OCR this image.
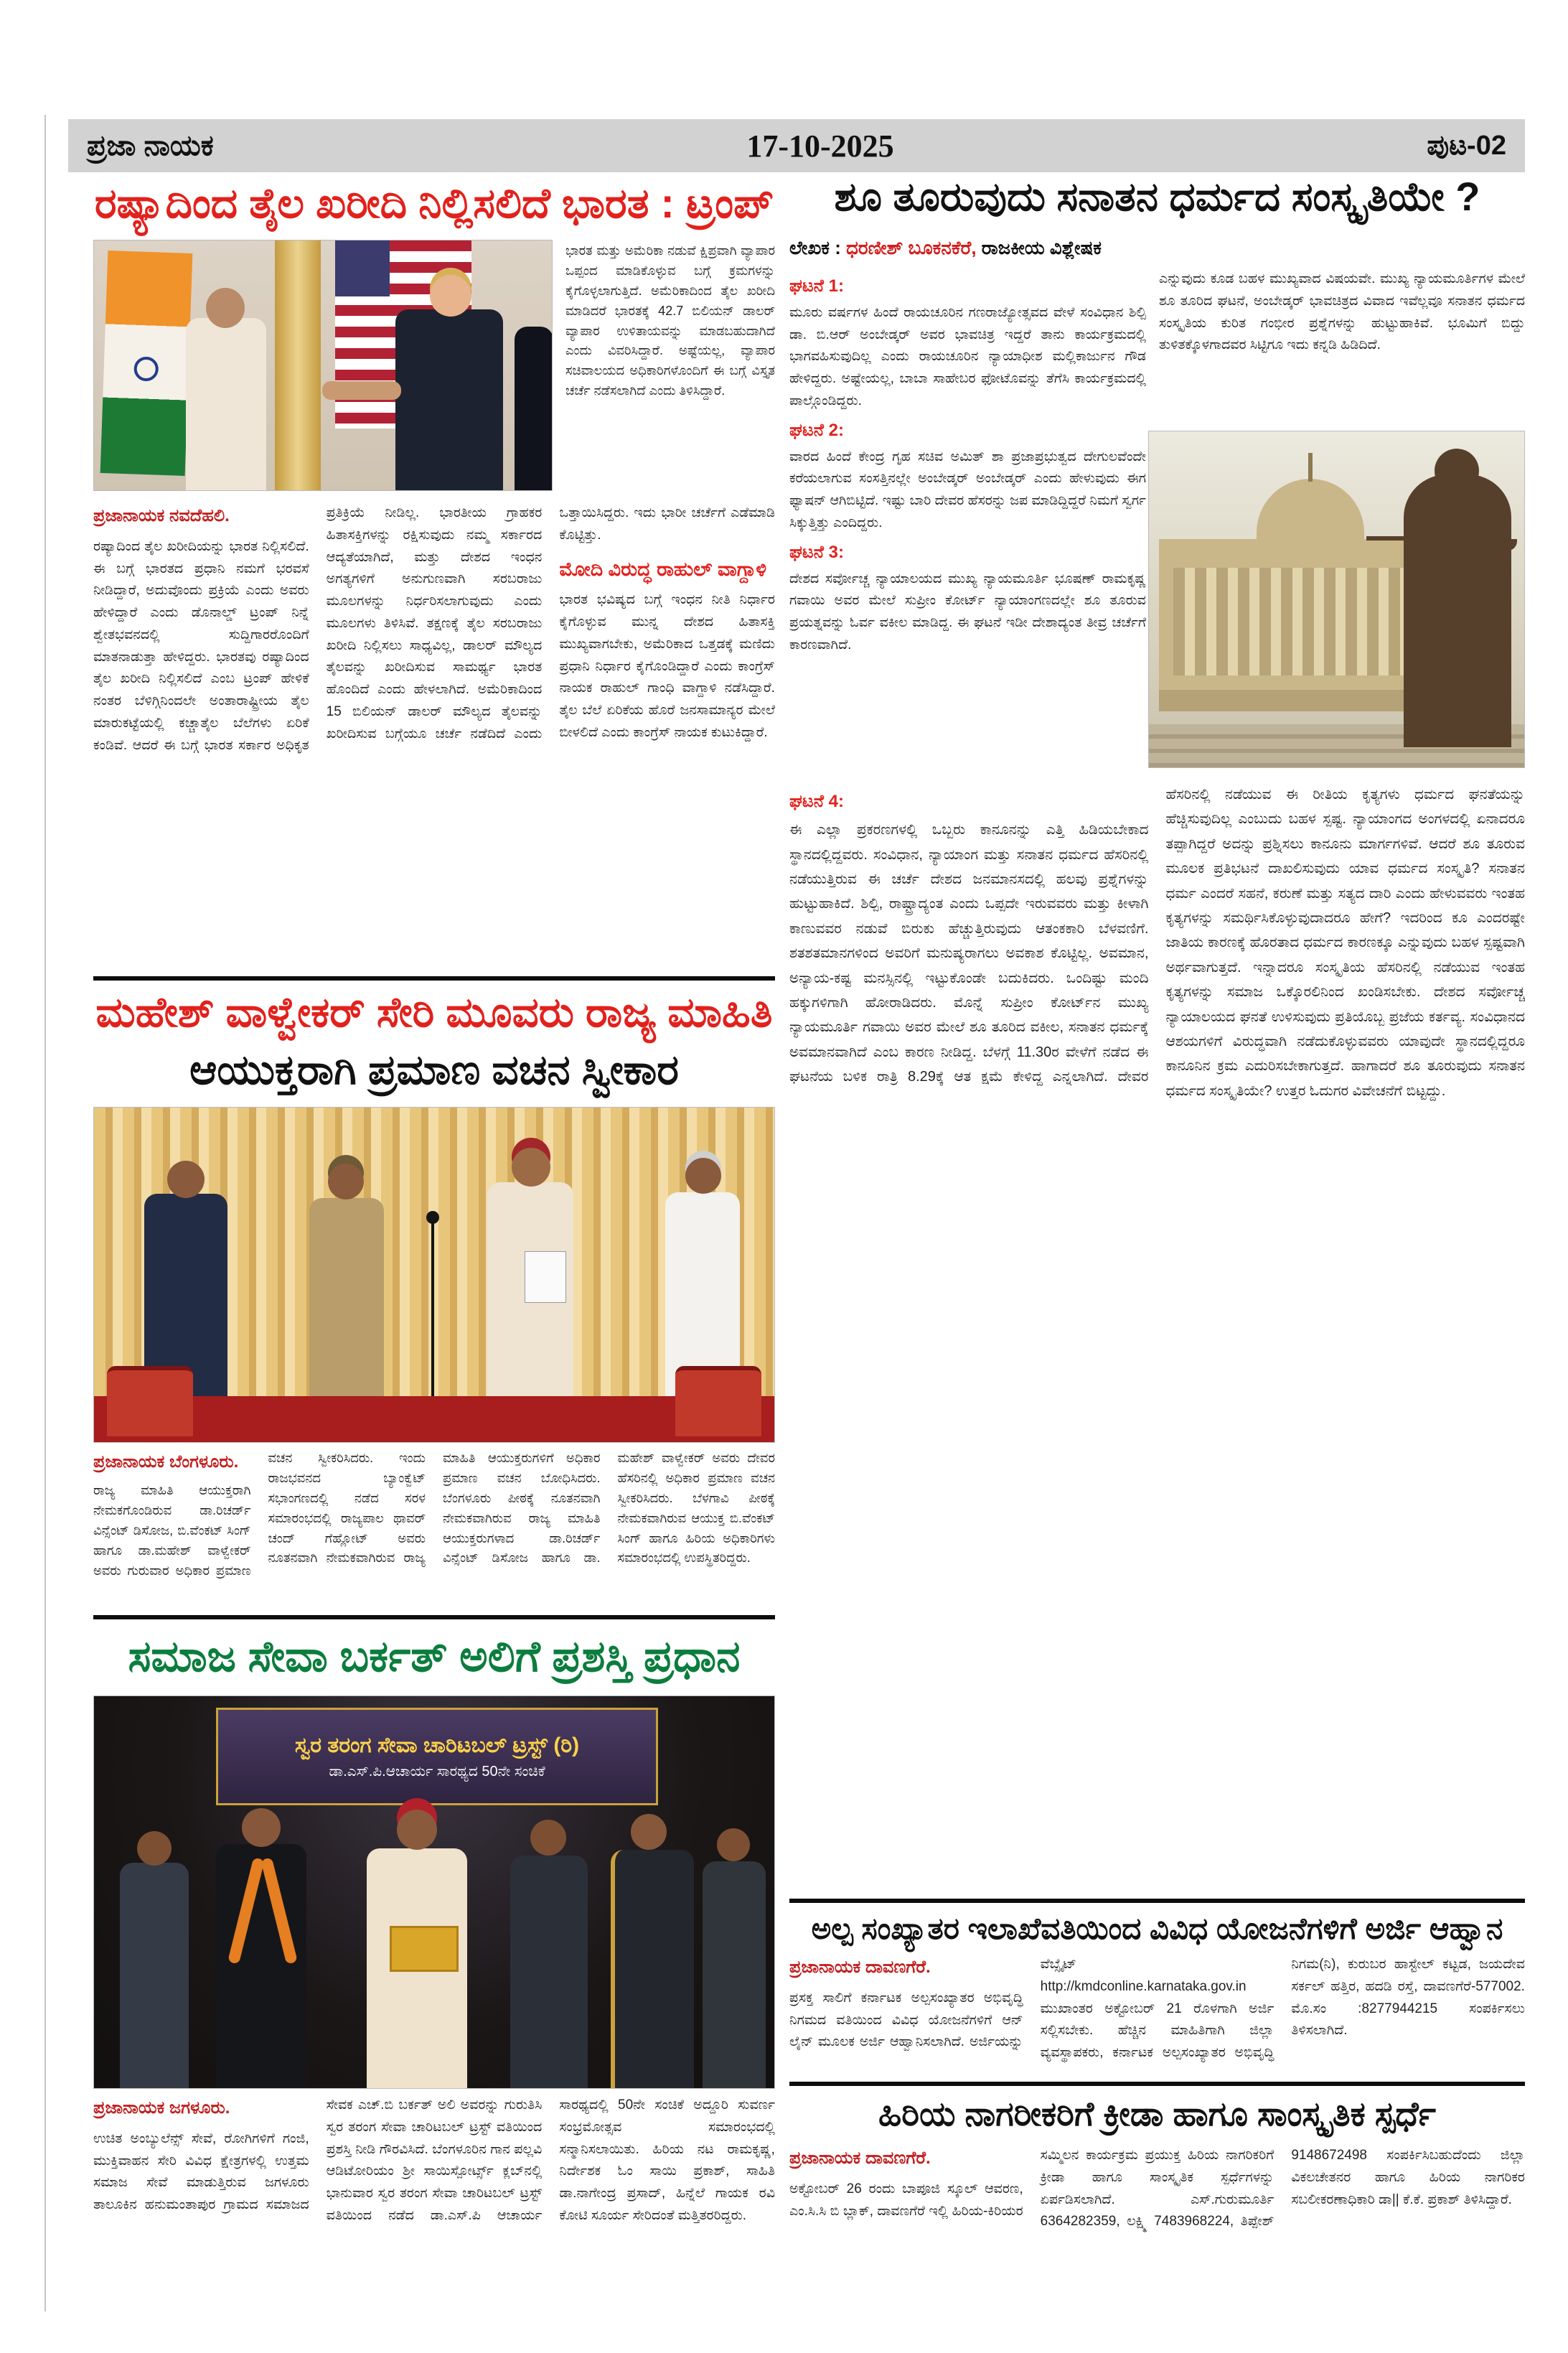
ಪ್ರಜಾ ನಾಯಕ	17-10-2025	ಪುಟ-02
ರಷ್ಯಾದಿಂದ ತೈಲ ಖರೀದಿ ನಿಲ್ಲಿಸಲಿದೆ ಭಾರತ : ಟ್ರಂಪ್
ಭಾರತ ಮತ್ತು ಅಮೆರಿಕಾ ನಡುವೆ ಕ್ಷಿಪ್ರವಾಗಿ ವ್ಯಾಪಾರ ಒಪ್ಪಂದ ಮಾಡಿಕೊಳ್ಳುವ ಬಗ್ಗೆ ಕ್ರಮಗಳನ್ನು ಕೈಗೊಳ್ಳಲಾಗುತ್ತಿದೆ. ಅಮೆರಿಕಾದಿಂದ ತೈಲ ಖರೀದಿ ಮಾಡಿದರೆ ಭಾರತಕ್ಕೆ 42.7 ಬಿಲಿಯನ್ ಡಾಲರ್ ವ್ಯಾಪಾರ ಉಳಿತಾಯವನ್ನು ಮಾಡಬಹುದಾಗಿದೆ ಎಂದು ವಿವರಿಸಿದ್ದಾರೆ. ಅಷ್ಟೆಯಲ್ಲ, ವ್ಯಾಪಾರ ಸಚಿವಾಲಯದ ಅಧಿಕಾರಿಗಳೊಂದಿಗೆ ಈ ಬಗ್ಗೆ ವಿಸ್ತೃತ ಚರ್ಚೆ ನಡೆಸಲಾಗಿದೆ ಎಂದು ತಿಳಿಸಿದ್ದಾರೆ.
ಪ್ರಜಾನಾಯಕ ನವದೆಹಲಿ.
ರಷ್ಯಾದಿಂದ ತೈಲ ಖರೀದಿಯನ್ನು ಭಾರತ ನಿಲ್ಲಿಸಲಿದೆ. ಈ ಬಗ್ಗೆ ಭಾರತದ ಪ್ರಧಾನಿ ನಮಗೆ ಭರವಸೆ ನೀಡಿದ್ದಾರೆ, ಅದುವೊಂದು ಪ್ರಕ್ರಿಯೆ ಎಂದು ಅವರು ಹೇಳಿದ್ದಾರೆ ಎಂದು ಡೊನಾಲ್ಡ್ ಟ್ರಂಪ್ ನಿನ್ನೆ ಶ್ವೇತಭವನದಲ್ಲಿ ಸುದ್ದಿಗಾರರೊಂದಿಗೆ ಮಾತನಾಡುತ್ತಾ ಹೇಳಿದ್ದರು. ಭಾರತವು ರಷ್ಯಾದಿಂದ ತೈಲ ಖರೀದಿ ನಿಲ್ಲಿಸಲಿದೆ ಎಂಬ ಟ್ರಂಪ್ ಹೇಳಿಕೆ ನಂತರ ಬೆಳಿಗ್ಗಿನಿಂದಲೇ ಅಂತಾರಾಷ್ಟ್ರೀಯ ತೈಲ ಮಾರುಕಟ್ಟೆಯಲ್ಲಿ ಕಚ್ಚಾತೈಲ ಬೆಲೆಗಳು ಏರಿಕೆ ಕಂಡಿವೆ. ಆದರೆ ಈ ಬಗ್ಗೆ ಭಾರತ ಸರ್ಕಾರ ಅಧಿಕೃತ ಪ್ರತಿಕ್ರಿಯೆ ನೀಡಿಲ್ಲ. ಭಾರತೀಯ ಗ್ರಾಹಕರ ಹಿತಾಸಕ್ತಿಗಳನ್ನು ರಕ್ಷಿಸುವುದು ನಮ್ಮ ಸರ್ಕಾರದ ಆದ್ಯತೆಯಾಗಿದೆ, ಮತ್ತು ದೇಶದ ಇಂಧನ ಅಗತ್ಯಗಳಿಗೆ ಅನುಗುಣವಾಗಿ ಸರಬರಾಜು ಮೂಲಗಳನ್ನು ನಿರ್ಧರಿಸಲಾಗುವುದು ಎಂದು ಮೂಲಗಳು ತಿಳಿಸಿವೆ. ತಕ್ಷಣಕ್ಕೆ ತೈಲ ಸರಬರಾಜು ಖರೀದಿ ನಿಲ್ಲಿಸಲು ಸಾಧ್ಯವಿಲ್ಲ, ಡಾಲರ್ ಮೌಲ್ಯದ ತೈಲವನ್ನು ಖರೀದಿಸುವ ಸಾಮರ್ಥ್ಯ ಭಾರತ ಹೊಂದಿದೆ ಎಂದು ಹೇಳಲಾಗಿದೆ. ಅಮೆರಿಕಾದಿಂದ 15 ಬಿಲಿಯನ್ ಡಾಲರ್ ಮೌಲ್ಯದ ತೈಲವನ್ನು ಖರೀದಿಸುವ ಬಗ್ಗೆಯೂ ಚರ್ಚೆ ನಡೆದಿದೆ ಎಂದು ಒತ್ತಾಯಿಸಿದ್ದರು. ಇದು ಭಾರೀ ಚರ್ಚೆಗೆ ಎಡೆಮಾಡಿ ಕೊಟ್ಟಿತ್ತು.
ಮೋದಿ ವಿರುದ್ಧ ರಾಹುಲ್ ವಾಗ್ದಾಳಿ
ಭಾರತ ಭವಿಷ್ಯದ ಬಗ್ಗೆ ಇಂಧನ ನೀತಿ ನಿರ್ಧಾರ ಕೈಗೊಳ್ಳುವ ಮುನ್ನ ದೇಶದ ಹಿತಾಸಕ್ತಿ ಮುಖ್ಯವಾಗಬೇಕು, ಅಮೆರಿಕಾದ ಒತ್ತಡಕ್ಕೆ ಮಣಿದು ಪ್ರಧಾನಿ ನಿರ್ಧಾರ ಕೈಗೊಂಡಿದ್ದಾರೆ ಎಂದು ಕಾಂಗ್ರೆಸ್ ನಾಯಕ ರಾಹುಲ್ ಗಾಂಧಿ ವಾಗ್ದಾಳಿ ನಡೆಸಿದ್ದಾರೆ. ತೈಲ ಬೆಲೆ ಏರಿಕೆಯ ಹೊರೆ ಜನಸಾಮಾನ್ಯರ ಮೇಲೆ ಬೀಳಲಿದೆ ಎಂದು ಕಾಂಗ್ರೆಸ್ ನಾಯಕ ಕುಟುಕಿದ್ದಾರೆ.
ಮಹೇಶ್ ವಾಳ್ವೇಕರ್ ಸೇರಿ ಮೂವರು ರಾಜ್ಯ ಮಾಹಿತಿ
ಆಯುಕ್ತರಾಗಿ ಪ್ರಮಾಣ ವಚನ ಸ್ವೀಕಾರ
ಪ್ರಜಾನಾಯಕ ಬೆಂಗಳೂರು.
ರಾಜ್ಯ ಮಾಹಿತಿ ಆಯುಕ್ತರಾಗಿ ನೇಮಕಗೊಂಡಿರುವ ಡಾ.ರಿಚರ್ಡ್ ವಿನ್ಸೆಂಟ್ ಡಿಸೋಜ, ಬಿ.ವೆಂಕಟ್ ಸಿಂಗ್ ಹಾಗೂ ಡಾ.ಮಹೇಶ್ ವಾಳ್ವೇಕರ್ ಅವರು ಗುರುವಾರ ಅಧಿಕಾರ ಪ್ರಮಾಣ ವಚನ ಸ್ವೀಕರಿಸಿದರು. ಇಂದು ರಾಜಭವನದ ಬ್ಯಾಂಕ್ವೆಟ್ ಸಭಾಂಗಣದಲ್ಲಿ ನಡೆದ ಸರಳ ಸಮಾರಂಭದಲ್ಲಿ ರಾಜ್ಯಪಾಲ ಥಾವರ್ ಚಂದ್ ಗೆಹ್ಲೋಟ್ ಅವರು ನೂತನವಾಗಿ ನೇಮಕವಾಗಿರುವ ರಾಜ್ಯ ಮಾಹಿತಿ ಆಯುಕ್ತರುಗಳಿಗೆ ಅಧಿಕಾರ ಪ್ರಮಾಣ ವಚನ ಬೋಧಿಸಿದರು. ಬೆಂಗಳೂರು ಪೀಠಕ್ಕೆ ನೂತನವಾಗಿ ನೇಮಕವಾಗಿರುವ ರಾಜ್ಯ ಮಾಹಿತಿ ಆಯುಕ್ತರುಗಳಾದ ಡಾ.ರಿಚರ್ಡ್ ವಿನ್ಸೆಂಟ್ ಡಿಸೋಜ ಹಾಗೂ ಡಾ. ಮಹೇಶ್ ವಾಳ್ವೇಕರ್ ಅವರು ದೇವರ ಹೆಸರಿನಲ್ಲಿ ಅಧಿಕಾರ ಪ್ರಮಾಣ ವಚನ ಸ್ವೀಕರಿಸಿದರು. ಬೆಳಗಾವಿ ಪೀಠಕ್ಕೆ ನೇಮಕವಾಗಿರುವ ಆಯುಕ್ತ ಬಿ.ವೆಂಕಟ್ ಸಿಂಗ್ ಹಾಗೂ ಹಿರಿಯ ಅಧಿಕಾರಿಗಳು ಸಮಾರಂಭದಲ್ಲಿ ಉಪಸ್ಥಿತರಿದ್ದರು.
ಸಮಾಜ ಸೇವಾ ಬರ್ಕತ್ ಅಲಿಗೆ ಪ್ರಶಸ್ತಿ ಪ್ರಧಾನ
ಸ್ವರ ತರಂಗ ಸೇವಾ ಚಾರಿಟಬಲ್ ಟ್ರಸ್ಟ್ (ರಿ)
ಡಾ.ಎಸ್.ಪಿ.ಆಚಾರ್ಯ ಸಾರಥ್ಯದ 50ನೇ ಸಂಚಿಕೆ
ಪ್ರಜಾನಾಯಕ ಜಗಳೂರು.
ಉಚಿತ ಅಂಬ್ಯುಲೆನ್ಸ್ ಸೇವೆ, ರೋಗಿಗಳಿಗೆ ಗಂಜಿ, ಮುಕ್ತಿವಾಹನ ಸೇರಿ ವಿವಿಧ ಕ್ಷೇತ್ರಗಳಲ್ಲಿ ಉತ್ತಮ ಸಮಾಜ ಸೇವೆ ಮಾಡುತ್ತಿರುವ ಜಗಳೂರು ತಾಲೂಕಿನ ಹನುಮಂತಾಪುರ ಗ್ರಾಮದ ಸಮಾಜದ ಸೇವಕ ಎಚ್.ಬಿ ಬರ್ಕತ್ ಅಲಿ ಅವರನ್ನು ಗುರುತಿಸಿ ಸ್ವರ ತರಂಗ ಸೇವಾ ಚಾರಿಟಬಲ್ ಟ್ರಸ್ಟ್ ವತಿಯಿಂದ ಪ್ರಶಸ್ತಿ ನೀಡಿ ಗೌರವಿಸಿದೆ. ಬೆಂಗಳೂರಿನ ಗಾನ ಪಲ್ಲವಿ ಆಡಿಟೋರಿಯಂ ಶ್ರೀ ಸಾಯಿಸ್ಪೋರ್ಟ್ಸ್ ಕ್ಲಬ್‌ನಲ್ಲಿ ಭಾನುವಾರ ಸ್ವರ ತರಂಗ ಸೇವಾ ಚಾರಿಟಬಲ್ ಟ್ರಸ್ಟ್ ವತಿಯಿಂದ ನಡೆದ ಡಾ.ಎಸ್.ಪಿ ಆಚಾರ್ಯ ಸಾರಥ್ಯದಲ್ಲಿ 50ನೇ ಸಂಚಿಕೆ ಅದ್ದೂರಿ ಸುವರ್ಣ ಸಂಭ್ರಮೋತ್ಸವ ಸಮಾರಂಭದಲ್ಲಿ ಸನ್ಮಾನಿಸಲಾಯಿತು. ಹಿರಿಯ ನಟ ರಾಮಕೃಷ್ಣ, ನಿರ್ದೇಶಕ ಓಂ ಸಾಯಿ ಪ್ರಕಾಶ್, ಸಾಹಿತಿ ಡಾ.ನಾಗೇಂದ್ರ ಪ್ರಸಾದ್, ಹಿನ್ನೆಲೆ ಗಾಯಕ ರವಿ ಕೋಟಿ ಸೂರ್ಯ ಸೇರಿದಂತೆ ಮತ್ತಿತರರಿದ್ದರು.
ಶೂ ತೂರುವುದು ಸನಾತನ ಧರ್ಮದ ಸಂಸ್ಕೃತಿಯೇ ?
ಲೇಖಕ : ಧರಣೀಶ್ ಬೂಕನಕೆರೆ, ರಾಜಕೀಯ ವಿಶ್ಲೇಷಕ
ಘಟನೆ 1:
ಮೂರು ವರ್ಷಗಳ ಹಿಂದೆ ರಾಯಚೂರಿನ ಗಣರಾಜ್ಯೋತ್ಸವದ ವೇಳೆ ಸಂವಿಧಾನ ಶಿಲ್ಪಿ ಡಾ. ಬಿ.ಆರ್ ಅಂಬೇಡ್ಕರ್ ಅವರ ಭಾವಚಿತ್ರ ಇದ್ದರೆ ತಾನು ಕಾರ್ಯಕ್ರಮದಲ್ಲಿ ಭಾಗವಹಿಸುವುದಿಲ್ಲ ಎಂದು ರಾಯಚೂರಿನ ನ್ಯಾಯಾಧೀಶ ಮಲ್ಲಿಕಾರ್ಜುನ ಗೌಡ ಹೇಳಿದ್ದರು. ಅಷ್ಟೇಯಲ್ಲ, ಬಾಬಾ ಸಾಹೇಬರ ಫೋಟೊವನ್ನು ತೆಗೆಸಿ ಕಾರ್ಯಕ್ರಮದಲ್ಲಿ ಪಾಲ್ಗೊಂಡಿದ್ದರು.
ಘಟನೆ 2:
ವಾರದ ಹಿಂದೆ ಕೇಂದ್ರ ಗೃಹ ಸಚಿವ ಅಮಿತ್ ಶಾ ಪ್ರಜಾಪ್ರಭುತ್ವದ ದೇಗುಲವೆಂದೇ ಕರೆಯಲಾಗುವ ಸಂಸತ್ತಿನಲ್ಲೇ ಅಂಬೇಡ್ಕರ್ ಅಂಬೇಡ್ಕರ್ ಎಂದು ಹೇಳುವುದು ಈಗ ಫ್ಯಾಷನ್ ಆಗಿಬಿಟ್ಟಿದೆ. ಇಷ್ಟು ಬಾರಿ ದೇವರ ಹೆಸರನ್ನು ಜಪ ಮಾಡಿದ್ದಿದ್ದರೆ ನಿಮಗೆ ಸ್ವರ್ಗ ಸಿಕ್ಕುತ್ತಿತ್ತು ಎಂದಿದ್ದರು.
ಘಟನೆ 3:
ದೇಶದ ಸರ್ವೋಚ್ಚ ನ್ಯಾಯಾಲಯದ ಮುಖ್ಯ ನ್ಯಾಯಮೂರ್ತಿ ಭೂಷಣ್ ರಾಮಕೃಷ್ಣ ಗವಾಯಿ ಅವರ ಮೇಲೆ ಸುಪ್ರೀಂ ಕೋರ್ಟ್ ನ್ಯಾಯಾಂಗಣದಲ್ಲೇ ಶೂ ತೂರುವ ಪ್ರಯತ್ನವನ್ನು ಓರ್ವ ವಕೀಲ ಮಾಡಿದ್ದ. ಈ ಘಟನೆ ಇಡೀ ದೇಶಾದ್ಯಂತ ತೀವ್ರ ಚರ್ಚೆಗೆ ಕಾರಣವಾಗಿದೆ.
ಎನ್ನುವುದು ಕೂಡ ಬಹಳ ಮುಖ್ಯವಾದ ವಿಷಯವೇ. ಮುಖ್ಯ ನ್ಯಾಯಮೂರ್ತಿಗಳ ಮೇಲೆ ಶೂ ತೂರಿದ ಘಟನೆ, ಅಂಬೇಡ್ಕರ್ ಭಾವಚಿತ್ರದ ವಿವಾದ ಇವೆಲ್ಲವೂ ಸನಾತನ ಧರ್ಮದ ಸಂಸ್ಕೃತಿಯ ಕುರಿತ ಗಂಭೀರ ಪ್ರಶ್ನೆಗಳನ್ನು ಹುಟ್ಟುಹಾಕಿವೆ. ಭೂಮಿಗೆ ಬಿದ್ದು ತುಳಿತಕ್ಕೊಳಗಾದವರ ಸಿಟ್ಟಿಗೂ ಇದು ಕನ್ನಡಿ ಹಿಡಿದಿದೆ.
ಘಟನೆ 4:
ಈ ಎಲ್ಲಾ ಪ್ರಕರಣಗಳಲ್ಲಿ ಒಬ್ಬರು ಕಾನೂನನ್ನು ಎತ್ತಿ ಹಿಡಿಯಬೇಕಾದ ಸ್ಥಾನದಲ್ಲಿದ್ದವರು. ಸಂವಿಧಾನ, ನ್ಯಾಯಾಂಗ ಮತ್ತು ಸನಾತನ ಧರ್ಮದ ಹೆಸರಿನಲ್ಲಿ ನಡೆಯುತ್ತಿರುವ ಈ ಚರ್ಚೆ ದೇಶದ ಜನಮಾನಸದಲ್ಲಿ ಹಲವು ಪ್ರಶ್ನೆಗಳನ್ನು ಹುಟ್ಟುಹಾಕಿದೆ. ಶಿಲ್ಪಿ, ರಾಷ್ಟ್ರಾದ್ಯಂತ ಎಂದು ಒಪ್ಪದೇ ಇರುವವರು ಮತ್ತು ಕೀಳಾಗಿ ಕಾಣುವವರ ನಡುವೆ ಬಿರುಕು ಹೆಚ್ಚುತ್ತಿರುವುದು ಆತಂಕಕಾರಿ ಬೆಳವಣಿಗೆ. ಶತಶತಮಾನಗಳಿಂದ ಅವರಿಗೆ ಮನುಷ್ಯರಾಗಲು ಅವಕಾಶ ಕೊಟ್ಟಿಲ್ಲ. ಅವಮಾನ, ಅನ್ಯಾಯ-ಕಷ್ಟ ಮನಸ್ಸಿನಲ್ಲಿ ಇಟ್ಟುಕೊಂಡೇ ಬದುಕಿದರು. ಒಂದಿಷ್ಟು ಮಂದಿ ಹಕ್ಕುಗಳಿಗಾಗಿ ಹೋರಾಡಿದರು. ಮೊನ್ನೆ ಸುಪ್ರೀಂ ಕೋರ್ಟ್‌ನ ಮುಖ್ಯ ನ್ಯಾಯಮೂರ್ತಿ ಗವಾಯಿ ಅವರ ಮೇಲೆ ಶೂ ತೂರಿದ ವಕೀಲ, ಸನಾತನ ಧರ್ಮಕ್ಕೆ ಅವಮಾನವಾಗಿದೆ ಎಂಬ ಕಾರಣ ನೀಡಿದ್ದ. ಬೆಳಗ್ಗೆ 11.30ರ ವೇಳೆಗೆ ನಡೆದ ಈ ಘಟನೆಯ ಬಳಿಕ ರಾತ್ರಿ 8.29ಕ್ಕೆ ಆತ ಕ್ಷಮೆ ಕೇಳಿದ್ದ ಎನ್ನಲಾಗಿದೆ. ದೇವರ ಹೆಸರಿನಲ್ಲಿ ನಡೆಯುವ ಈ ರೀತಿಯ ಕೃತ್ಯಗಳು ಧರ್ಮದ ಘನತೆಯನ್ನು ಹೆಚ್ಚಿಸುವುದಿಲ್ಲ ಎಂಬುದು ಬಹಳ ಸ್ಪಷ್ಟ. ನ್ಯಾಯಾಂಗದ ಅಂಗಳದಲ್ಲಿ ಏನಾದರೂ ತಪ್ಪಾಗಿದ್ದರೆ ಅದನ್ನು ಪ್ರಶ್ನಿಸಲು ಕಾನೂನು ಮಾರ್ಗಗಳಿವೆ. ಆದರೆ ಶೂ ತೂರುವ ಮೂಲಕ ಪ್ರತಿಭಟನೆ ದಾಖಲಿಸುವುದು ಯಾವ ಧರ್ಮದ ಸಂಸ್ಕೃತಿ? ಸನಾತನ ಧರ್ಮ ಎಂದರೆ ಸಹನೆ, ಕರುಣೆ ಮತ್ತು ಸತ್ಯದ ದಾರಿ ಎಂದು ಹೇಳುವವರು ಇಂತಹ ಕೃತ್ಯಗಳನ್ನು ಸಮರ್ಥಿಸಿಕೊಳ್ಳುವುದಾದರೂ ಹೇಗೆ? ಇದರಿಂದ ಕೂ ಎಂದರಷ್ಟೇ ಜಾತಿಯ ಕಾರಣಕ್ಕೆ ಹೊರತಾದ ಧರ್ಮದ ಕಾರಣಕ್ಕೂ ಎನ್ನುವುದು ಬಹಳ ಸ್ಪಷ್ಟವಾಗಿ ಅರ್ಥವಾಗುತ್ತದೆ. ಇನ್ನಾದರೂ ಸಂಸ್ಕೃತಿಯ ಹೆಸರಿನಲ್ಲಿ ನಡೆಯುವ ಇಂತಹ ಕೃತ್ಯಗಳನ್ನು ಸಮಾಜ ಒಕ್ಕೊರಲಿನಿಂದ ಖಂಡಿಸಬೇಕು. ದೇಶದ ಸರ್ವೋಚ್ಚ ನ್ಯಾಯಾಲಯದ ಘನತೆ ಉಳಿಸುವುದು ಪ್ರತಿಯೊಬ್ಬ ಪ್ರಜೆಯ ಕರ್ತವ್ಯ. ಸಂವಿಧಾನದ ಆಶಯಗಳಿಗೆ ವಿರುದ್ಧವಾಗಿ ನಡೆದುಕೊಳ್ಳುವವರು ಯಾವುದೇ ಸ್ಥಾನದಲ್ಲಿದ್ದರೂ ಕಾನೂನಿನ ಕ್ರಮ ಎದುರಿಸಬೇಕಾಗುತ್ತದೆ. ಹಾಗಾದರೆ ಶೂ ತೂರುವುದು ಸನಾತನ ಧರ್ಮದ ಸಂಸ್ಕೃತಿಯೇ? ಉತ್ತರ ಓದುಗರ ವಿವೇಚನೆಗೆ ಬಿಟ್ಟದ್ದು.
ಅಲ್ಪ ಸಂಖ್ಯಾತರ ಇಲಾಖೆವತಿಯಿಂದ ವಿವಿಧ ಯೋಜನೆಗಳಿಗೆ ಅರ್ಜಿ ಆಹ್ವಾನ
ಪ್ರಜಾನಾಯಕ ದಾವಣಗೆರೆ.
ಪ್ರಸಕ್ತ ಸಾಲಿಗೆ ಕರ್ನಾಟಕ ಅಲ್ಪಸಂಖ್ಯಾತರ ಅಭಿವೃದ್ಧಿ ನಿಗಮದ ವತಿಯಿಂದ ವಿವಿಧ ಯೋಜನೆಗಳಿಗೆ ಆನ್ ಲೈನ್ ಮೂಲಕ ಅರ್ಜಿ ಆಹ್ವಾನಿಸಲಾಗಿದೆ. ಅರ್ಜಿಯನ್ನು ವೆಬ್ಸೈಟ್ http://kmdconline.karnataka.gov.in ಮುಖಾಂತರ ಅಕ್ಟೋಬರ್ 21 ರೊಳಗಾಗಿ ಅರ್ಜಿ ಸಲ್ಲಿಸಬೇಕು. ಹೆಚ್ಚಿನ ಮಾಹಿತಿಗಾಗಿ ಜಿಲ್ಲಾ ವ್ಯವಸ್ಥಾಪಕರು, ಕರ್ನಾಟಕ ಅಲ್ಪಸಂಖ್ಯಾತರ ಅಭಿವೃದ್ಧಿ ನಿಗಮ(ನಿ), ಕುರುಬರ ಹಾಸ್ಟೇಲ್ ಕಟ್ಟಡ, ಜಯದೇವ ಸರ್ಕಲ್ ಹತ್ತಿರ, ಹದಡಿ ರಸ್ತೆ, ದಾವಣಗೆರೆ-577002. ಮೊ.ಸಂ :8277944215 ಸಂಪರ್ಕಿಸಲು ತಿಳಿಸಲಾಗಿದೆ.
ಹಿರಿಯ ನಾಗರೀಕರಿಗೆ ಕ್ರೀಡಾ ಹಾಗೂ ಸಾಂಸ್ಕೃತಿಕ ಸ್ಪರ್ಧೆ
ಪ್ರಜಾನಾಯಕ ದಾವಣಗೆರೆ.
ಅಕ್ಟೋಬರ್ 26 ರಂದು ಬಾಪೂಜಿ ಸ್ಕೂಲ್ ಆವರಣ, ಎಂ.ಸಿ.ಸಿ ಬಿ ಬ್ಲಾಕ್, ದಾವಣಗೆರೆ ಇಲ್ಲಿ ಹಿರಿಯ-ಕಿರಿಯರ ಸಮ್ಮಿಲನ ಕಾರ್ಯಕ್ರಮ ಪ್ರಯುಕ್ತ ಹಿರಿಯ ನಾಗರಿಕರಿಗೆ ಕ್ರೀಡಾ ಹಾಗೂ ಸಾಂಸ್ಕೃತಿಕ ಸ್ಪರ್ಧೆಗಳನ್ನು ಏರ್ಪಡಿಸಲಾಗಿದೆ. ಎಸ್.ಗುರುಮೂರ್ತಿ 6364282359, ಲಕ್ಷ್ಮಿ 7483968224, ತಿಪ್ಪೇಶ್ 9148672498 ಸಂಪರ್ಕಿಸಿಬಹುದೆಂದು ಜಿಲ್ಲಾ ವಿಕಲಚೇತನರ ಹಾಗೂ ಹಿರಿಯ ನಾಗರಿಕರ ಸಬಲೀಕರಣಾಧಿಕಾರಿ ಡಾ|| ಕೆ.ಕೆ. ಪ್ರಕಾಶ್ ತಿಳಿಸಿದ್ದಾರೆ.
